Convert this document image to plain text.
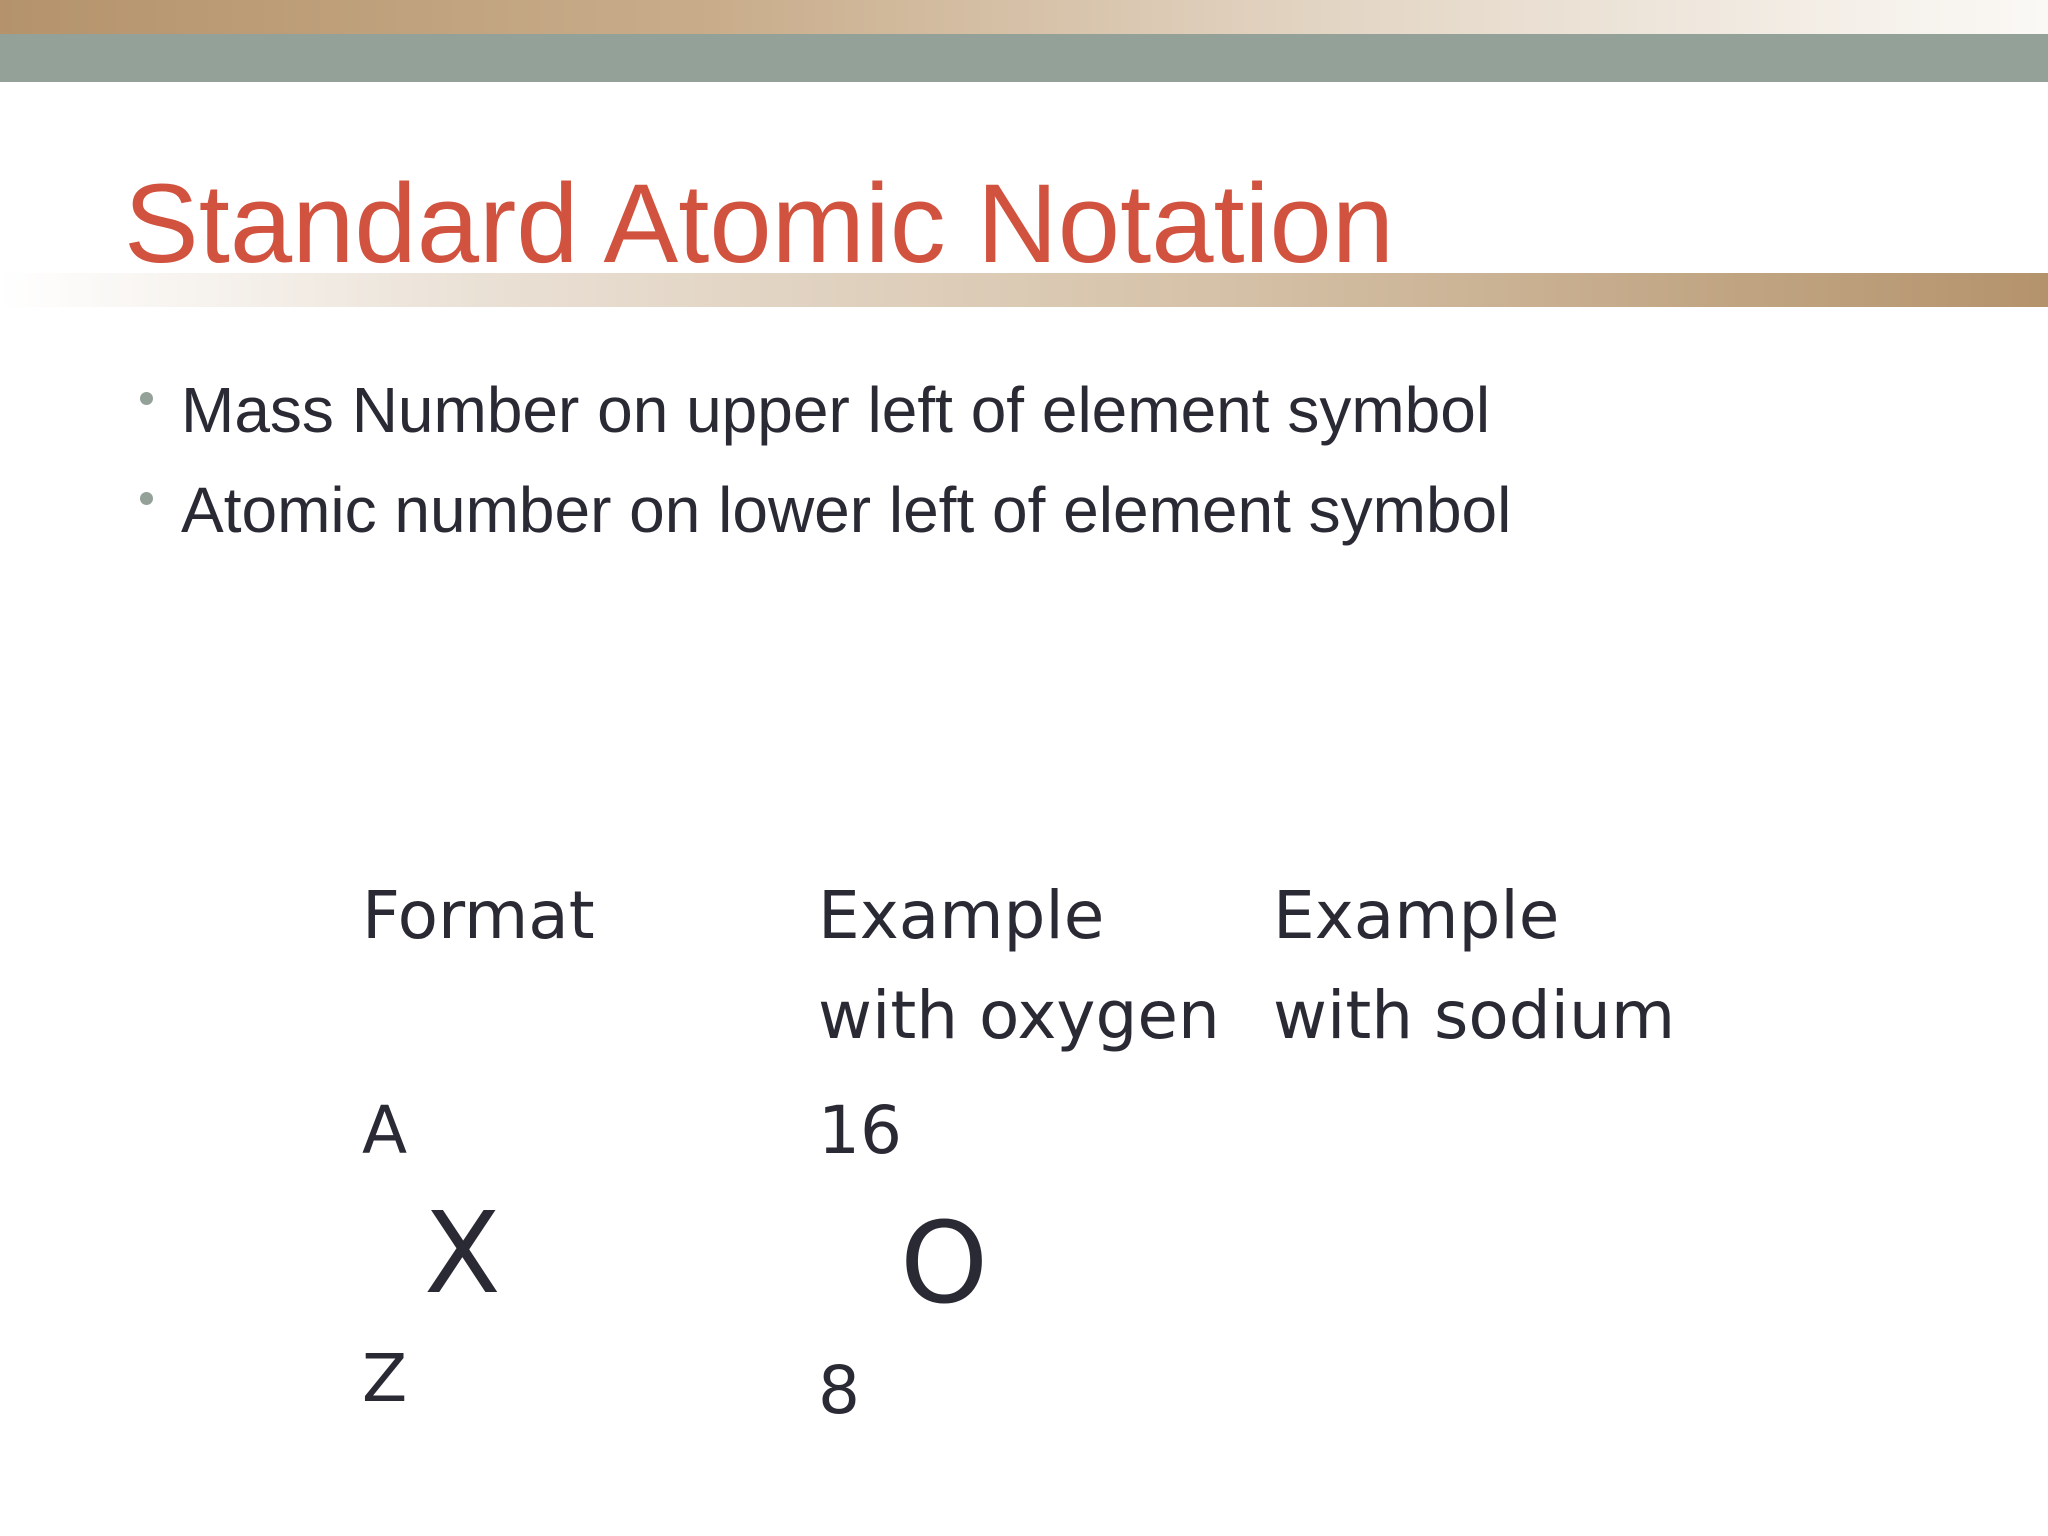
Standard Atomic Notation
Mass Number on upper left of element symbol
Atomic number on lower left of element symbol
Format	Example
with oxygen
Example
with sodium
A
X
Z
16
O
8
